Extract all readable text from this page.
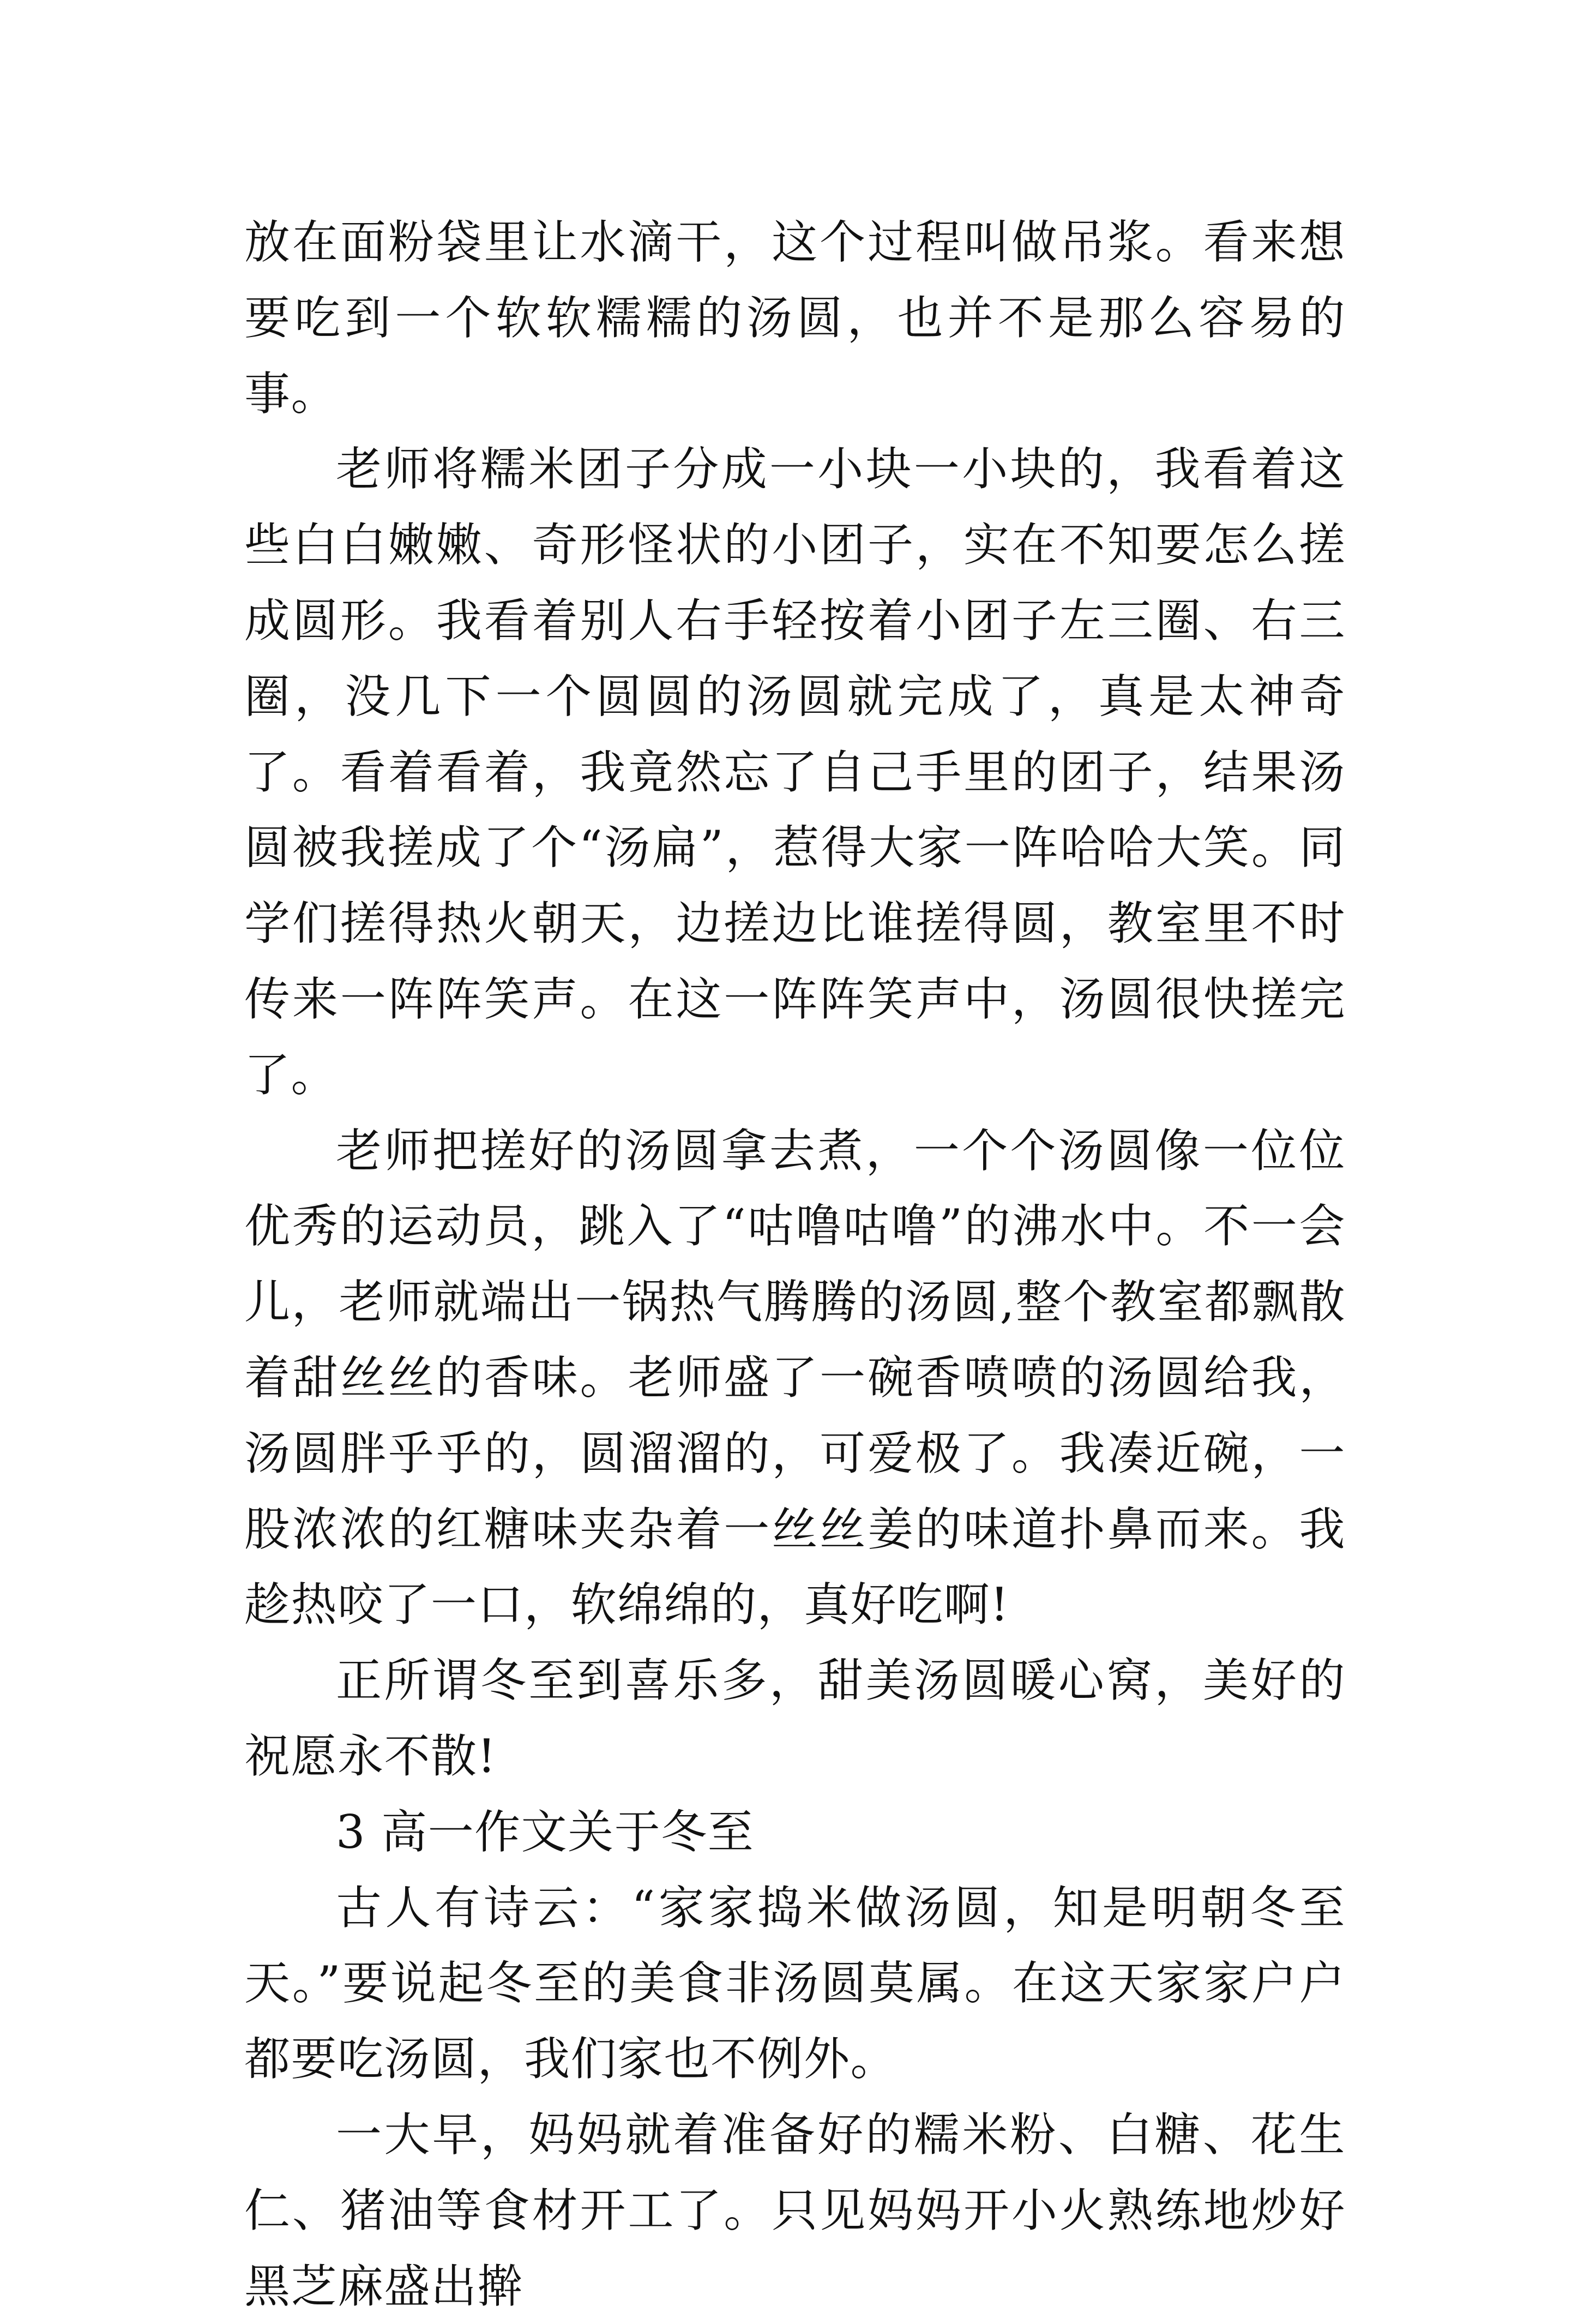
放在面粉袋里让水滴干，这个过程叫做吊浆。看来想要吃到一个软软糯糯的汤圆，也并不是那么容易的事。

老师将糯米团子分成一小块一小块的，我看着这些白白嫩嫩、奇形怪状的小团子，实在不知要怎么搓成圆形。我看着别人右手轻按着小团子左三圈、右三圈，没几下一个圆圆的汤圆就完成了，真是太神奇了。看着看着，我竟然忘了自己手里的团子，结果汤圆被我搓成了个“汤扁”，惹得大家一阵哈哈大笑。同学们搓得热火朝天，边搓边比谁搓得圆，教室里不时传来一阵阵笑声。在这一阵阵笑声中，汤圆很快搓完了。

老师把搓好的汤圆拿去煮，一个个汤圆像一位位优秀的运动员，跳入了“咕噜咕噜”的沸水中。不一会儿，老师就端出一锅热气腾腾的汤圆,整个教室都飘散着甜丝丝的香味。老师盛了一碗香喷喷的汤圆给我，汤圆胖乎乎的，圆溜溜的，可爱极了。我凑近碗，一股浓浓的红糖味夹杂着一丝丝姜的味道扑鼻而来。我趁热咬了一口，软绵绵的，真好吃啊!

正所谓冬至到喜乐多，甜美汤圆暖心窝，美好的祝愿永不散!

3 高一作文关于冬至

古人有诗云：“家家捣米做汤圆，知是明朝冬至天。”要说起冬至的美食非汤圆莫属。在这天家家户户都要吃汤圆，我们家也不例外。

一大早，妈妈就着准备好的糯米粉、白糖、花生仁、猪油等食材开工了。只见妈妈开小火熟练地炒好黑芝麻盛出擀
